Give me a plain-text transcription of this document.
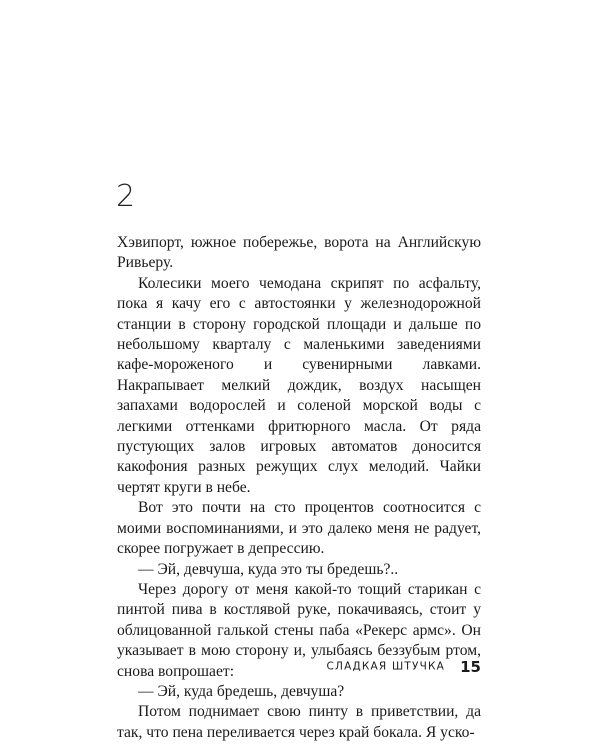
2

Хэвипорт, южное побережье, ворота на Английскую Ривьеру.

Колесики моего чемодана скрипят по асфальту, пока я качу его с автостоянки у железнодорожной станции в сторону городской площади и дальше по небольшому кварталу с маленькими заведениями кафе-мороженого и сувенирными лавками. Накрапывает мелкий дождик, воздух насыщен запахами водорослей и соленой морской воды с легкими оттенками фритюрного масла. От ряда пустующих залов игровых автоматов доносится какофония разных режущих слух мелодий. Чайки чертят круги в небе.

Вот это почти на сто процентов соотносится с моими воспоминаниями, и это далеко меня не радует, скорее погружает в депрессию.

— Эй, девчуша, куда это ты бредешь?..

Через дорогу от меня какой-то тощий старикан с пинтой пива в костлявой руке, покачиваясь, стоит у облицованной галькой стены паба «Рекерс армс». Он указывает в мою сторону и, улыбаясь беззубым ртом, снова вопрошает:

— Эй, куда бредешь, девчуша?

Потом поднимает свою пинту в приветствии, да так, что пена переливается через край бокала. Я уско-

СЛАДКАЯ ШТУЧКА 15
